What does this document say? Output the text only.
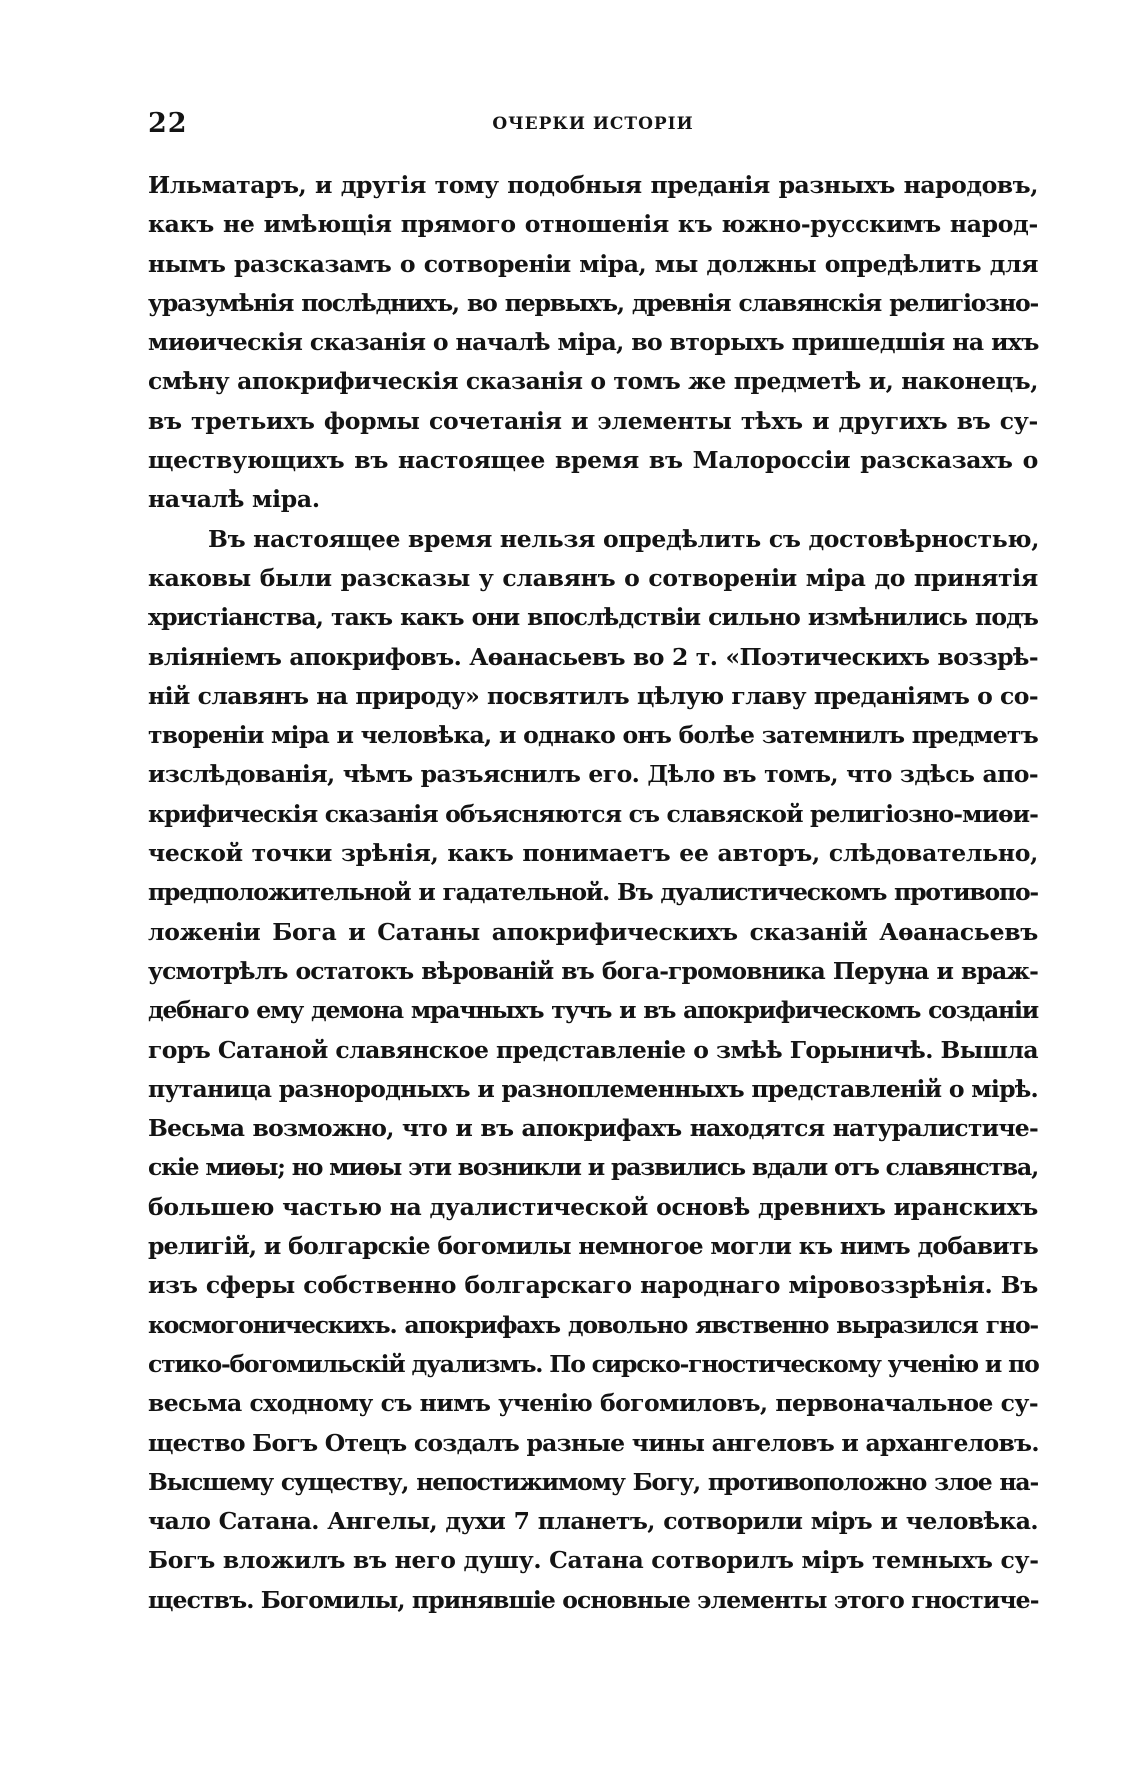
22	ОЧЕРКИ ИСТОРІИ
Ильматаръ, и другія тому подобныя преданія разныхъ народовъ,
какъ не имѣющія прямого отношенія къ южно-русскимъ народ-
нымъ разсказамъ о сотвореніи міра, мы должны опредѣлить для
уразумѣнія послѣднихъ, во первыхъ, древнія славянскія религіозно-
миѳическія сказанія о началѣ міра, во вторыхъ пришедшія на ихъ
смѣну апокрифическія сказанія о томъ же предметѣ и, наконецъ,
въ третьихъ формы сочетанія и элементы тѣхъ и другихъ въ су-
ществующихъ въ настоящее время въ Малороссіи разсказахъ о
началѣ міра.
Въ настоящее время нельзя опредѣлить съ достовѣрностью,
каковы были разсказы у славянъ о сотвореніи міра до принятія
христіанства, такъ какъ они впослѣдствіи сильно измѣнились подъ
вліяніемъ апокрифовъ. Аѳанасьевъ во 2 т. «Поэтическихъ воззрѣ-
ній славянъ на природу» посвятилъ цѣлую главу преданіямъ о со-
твореніи міра и человѣка, и однако онъ болѣе затемнилъ предметъ
изслѣдованія, чѣмъ разъяснилъ его. Дѣло въ томъ, что здѣсь апо-
крифическія сказанія объясняются съ славяской религіозно-миѳи-
ческой точки зрѣнія, какъ понимаетъ ее авторъ, слѣдовательно,
предположительной и гадательной. Въ дуалистическомъ противопо-
ложеніи Бога и Сатаны апокрифическихъ сказаній Аѳанасьевъ
усмотрѣлъ остатокъ вѣрованій въ бога-громовника Перуна и враж-
дебнаго ему демона мрачныхъ тучъ и въ апокрифическомъ созданіи
горъ Сатаной славянское представленіе о змѣѣ Горыничѣ. Вышла
путаница разнородныхъ и разноплеменныхъ представленій о мірѣ.
Весьма возможно, что и въ апокрифахъ находятся натуралистиче-
скіе миѳы; но миѳы эти возникли и развились вдали отъ славянства,
большею частью на дуалистической основѣ древнихъ иранскихъ
религій, и болгарскіе богомилы немногое могли къ нимъ добавить
изъ сферы собственно болгарскаго народнаго міровоззрѣнія. Въ
космогоническихъ. апокрифахъ довольно явственно выразился гно-
стико-богомильскій дуализмъ. По сирско-гностическому ученію и по
весьма сходному съ нимъ ученію богомиловъ, первоначальное су-
щество Богъ Отецъ создалъ разные чины ангеловъ и архангеловъ.
Высшему существу, непостижимому Богу, противоположно злое на-
чало Сатана. Ангелы, духи 7 планетъ, сотворили міръ и человѣка.
Богъ вложилъ въ него душу. Сатана сотворилъ міръ темныхъ су-
ществъ. Богомилы, принявшіе основные элементы этого гностиче-
